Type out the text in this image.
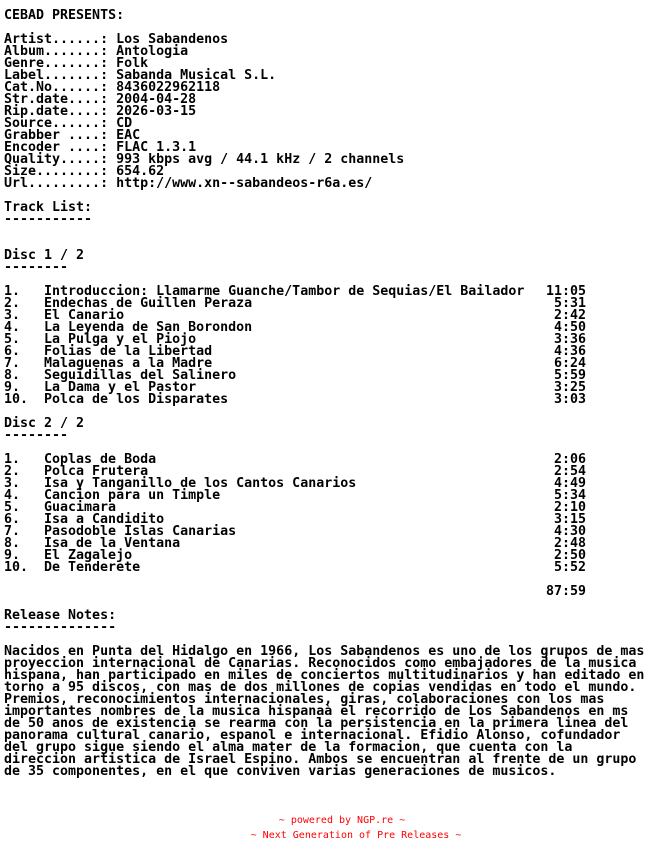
CEBAD PRESENTS:
Artist......: Los Sabandenos
Album.......: Antologia
Genre.......: Folk
Label.......: Sabanda Musical S.L.
Cat.No......: 8436022962118
Str.date....: 2004-04-28
Rip.date....: 2026-03-15
Source......: CD
Grabber ....: EAC
Encoder ....: FLAC 1.3.1
Quality.....: 993 kbps avg / 44.1 kHz / 2 channels
Size........: 654.62
Url.........: http://www.xn--sabandeos-r6a.es/
Track List:
-----------
Disc 1 / 2
--------
1.	Introduccion: Llamarme Guanche/Tambor de Sequias/El Bailador	11:05
2.	Endechas de Guillen Peraza	5:31
3.	El Canario	2:42
4.	La Leyenda de San Borondon	4:50
5.	La Pulga y el Piojo	3:36
6.	Folias de la Libertad	4:36
7.	Malaguenas a la Madre	6:24
8.	Seguidillas del Salinero	5:59
9.	La Dama y el Pastor	3:25
10.	Polca de los Disparates	3:03
Disc 2 / 2
--------
1.	Coplas de Boda	2:06
2.	Polca Frutera	2:54
3.	Isa y Tanganillo de los Cantos Canarios	4:49
4.	Cancion para un Timple	5:34
5.	Guacimara	2:10
6.	Isa a Candidito	3:15
7.	Pasodoble Islas Canarias	4:30
8.	Isa de la Ventana	2:48
9.	El Zagalejo	2:50
10.	De Tenderete	5:52
87:59
Release Notes:
--------------
Nacidos en Punta del Hidalgo en 1966, Los Sabandenos es uno de los grupos de mas
proyeccion internacional de Canarias. Reconocidos como embajadores de la musica
hispana, han participado en miles de conciertos multitudinarios y han editado en
torno a 95 discos, con mas de dos millones de copias vendidas en todo el mundo.
Premios, reconocimientos internacionales, giras, colaboraciones con los mas
importantes nombres de la musica hispanaà el recorrido de Los Sabandenos en ms
de 50 anos de existencia se rearma con la persistencia en la primera linea del
panorama cultural canario, espanol e internacional. Efidio Alonso, cofundador
del grupo sigue siendo el alma mater de la formacion, que cuenta con la
direccion artistica de Israel Espino. Ambos se encuentran al frente de un grupo
de 35 componentes, en el que conviven varias generaciones de musicos.
~ powered by NGP.re ~
~ Next Generation of Pre Releases ~
